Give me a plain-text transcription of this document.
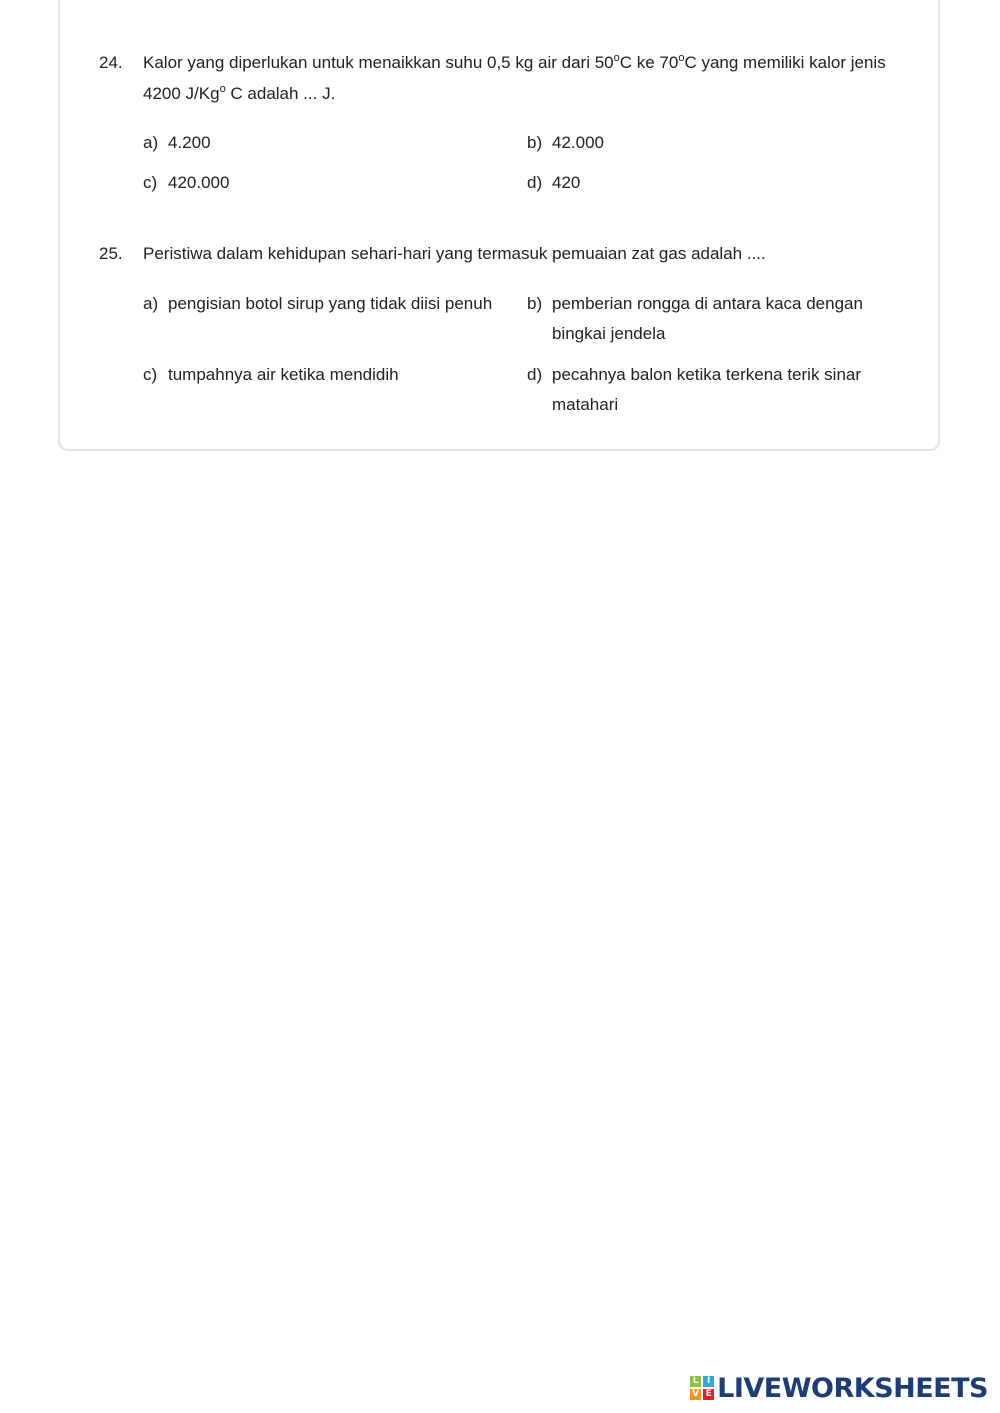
24. Kalor yang diperlukan untuk menaikkan suhu 0,5 kg air dari 50$^o$C ke 70$^o$C yang memiliki kalor jenis 4200 J/Kg$^o$ C adalah ... J.
a) 4.200	b) 42.000
c) 420.000	d) 420
25. Peristiwa dalam kehidupan sehari-hari yang termasuk pemuaian zat gas adalah ....
a) pengisian botol sirup yang tidak diisi penuh	b) pemberian rongga di antara kaca dengan bingkai jendela
c) tumpahnya air ketika mendidih	d) pecahnya balon ketika terkena terik sinar matahari
L I
V E LIVEWORKSHEETS
